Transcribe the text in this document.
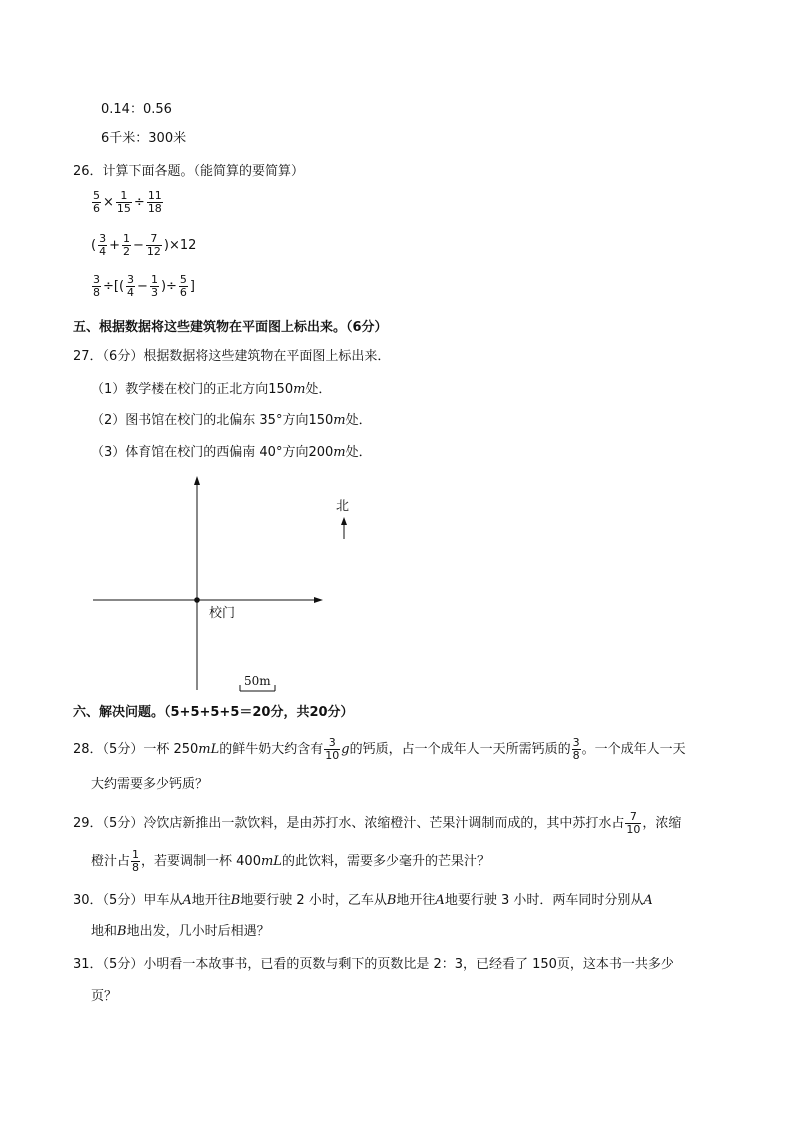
0.14：0.56
6千米：300米
26．计算下面各题。（能简算的要简算）
$\frac{5}{6} \times \frac{1}{15} \div \frac{11}{18}$
( $\frac{3}{4} + \frac{1}{2} - \frac{7}{12} )\times 12$
$\frac{3}{8}$ ÷[( $\frac{3}{4} - \frac{1}{3}$ )÷ $\frac{5}{6}$ ]
五、根据数据将这些建筑物在平面图上标出来。（6分）
27．（6分）根据数据将这些建筑物在平面图上标出来．
（1）教学楼在校门的正北方向150m处．
（2）图书馆在校门的北偏东 35°方向150m处．
（3）体育馆在校门的西偏南 40°方向200m处．
北
校门
50m
六、解决问题。（5+5+5+5＝20分，共20分）
28．（5分）一杯 250mL的鲜牛奶大约含有 $\frac{3}{10}$ g的钙质，占一个成年人一天所需钙质的 $\frac{3}{8}$ 。一个成年人一天
大约需要多少钙质？
29．（5分）冷饮店新推出一款饮料，是由苏打水、浓缩橙汁、芒果汁调制而成的，其中苏打水占 $\frac{7}{10}$ ，浓缩
橙汁占 $\frac{1}{8}$ ，若要调制一杯 400mL的此饮料，需要多少毫升的芒果汁？
30．（5分）甲车从A地开往B地要行驶 2 小时，乙车从B地开往A地要行驶 3 小时．两车同时分别从A
地和B地出发，几小时后相遇？
31．（5分）小明看一本故事书，已看的页数与剩下的页数比是 2：3，已经看了 150页，这本书一共多少
页？
